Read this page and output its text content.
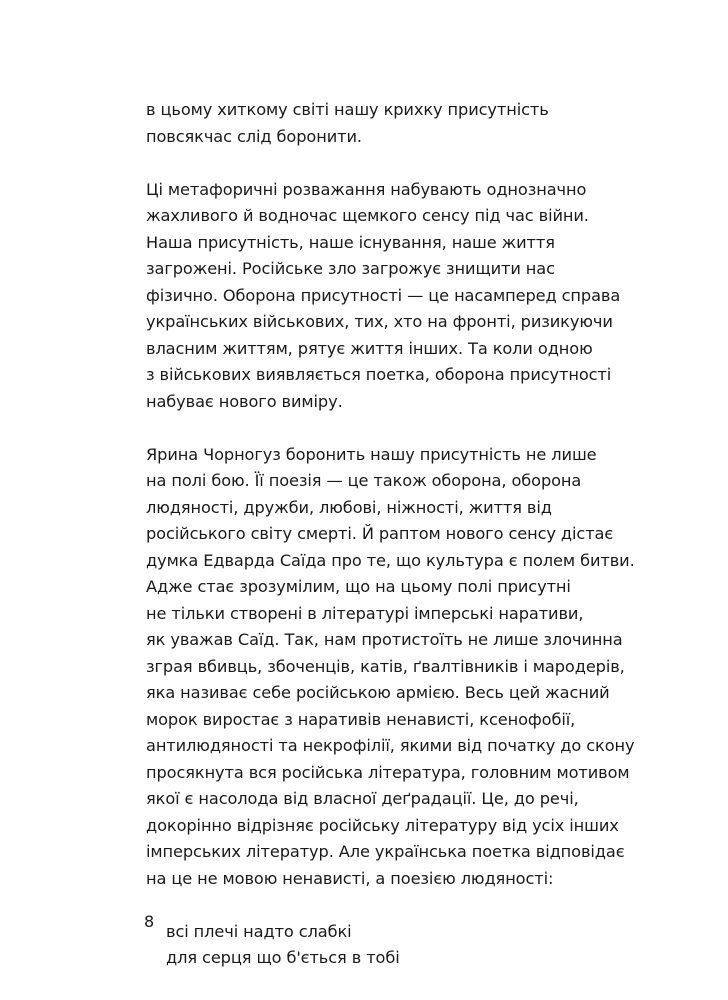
в цьому хиткому світі нашу крихку присутність
повсякчас слід боронити.
Ці метафоричні розважання набувають однозначно
жахливого й водночас щемкого сенсу під час війни.
Наша присутність, наше існування, наше життя
загрожені. Російське зло загрожує знищити нас
фізично. Оборона присутності — це насамперед справа
українських військових, тих, хто на фронті, ризикуючи
власним життям, рятує життя інших. Та коли одною
з військових виявляється поетка, оборона присутності
набуває нового виміру.
Ярина Чорногуз боронить нашу присутність не лише
на полі бою. Її поезія — це також оборона, оборона
людяності, дружби, любові, ніжності, життя від
російського світу смерті. Й раптом нового сенсу дістає
думка Едварда Саїда про те, що культура є полем битви.
Адже стає зрозумілим, що на цьому полі присутні
не тільки створені в літературі імперські наративи,
як уважав Саїд. Так, нам протистоїть не лише злочинна
зграя вбивць, збоченців, катів, ґвалтівників і мародерів,
яка називає себе російською армією. Весь цей жасний
морок виростає з наративів ненависті, ксенофобії,
антилюдяності та некрофілії, якими від початку до скону
просякнута вся російська література, головним мотивом
якої є насолода від власної деґрадації. Це, до речі,
докорінно відрізняє російську літературу від усіх інших
імперських літератур. Але українська поетка відповідає
на це не мовою ненависті, а поезією людяності:
всі плечі надто слабкі
для серця що б'ється в тобі
8
